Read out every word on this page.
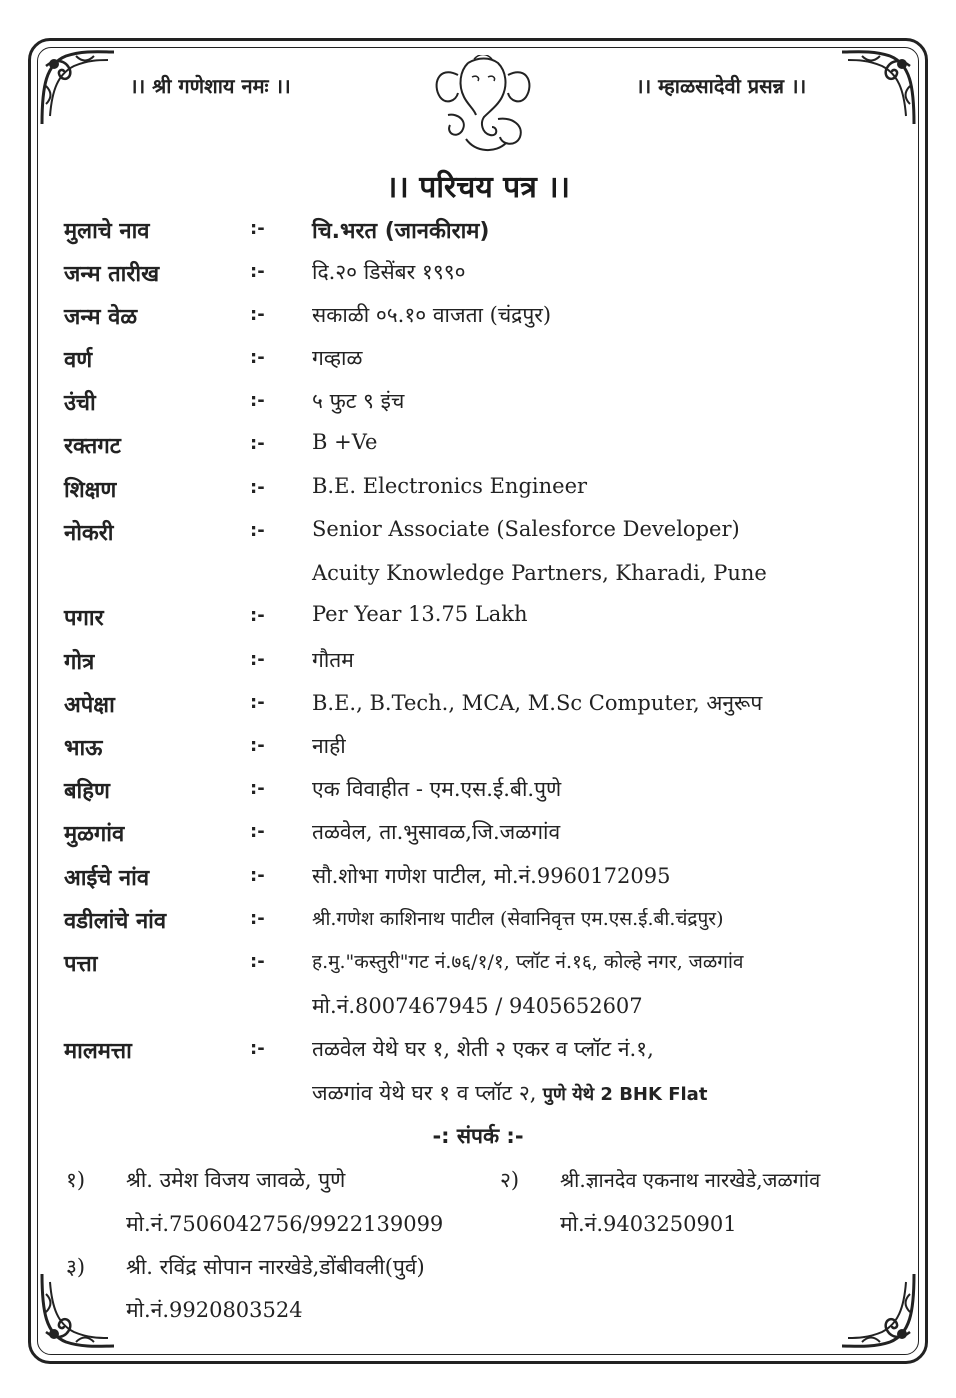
।। श्री गणेशाय नमः ।।	।। म्हाळसादेवी प्रसन्न ।।
।। परिचय पत्र ।।
मुलाचे नाव	:- चि.भरत (जानकीराम)
जन्म तारीख	:- दि.२० डिसेंबर १९९०
जन्म वेळ	:- सकाळी ०५.१० वाजता (चंद्रपुर)
वर्ण	:- गव्हाळ
उंची	:- ५ फुट ९ इंच
रक्तगट	:- B +Ve
शिक्षण	:- B.E. Electronics Engineer
नोकरी	:- Senior Associate (Salesforce Developer)
Acuity Knowledge Partners, Kharadi, Pune
पगार	:- Per Year 13.75 Lakh
गोत्र	:- गौतम
अपेक्षा	:- B.E., B.Tech., MCA, M.Sc Computer, अनुरूप
भाऊ	:- नाही
बहिण	:- एक विवाहीत - एम.एस.ई.बी.पुणे
मुळगांव	:- तळवेल, ता.भुसावळ,जि.जळगांव
आईचे नांव	:- सौ.शोभा गणेश पाटील, मो.नं.9960172095
वडीलांचे नांव	:- श्री.गणेश काशिनाथ पाटील (सेवानिवृत्त एम.एस.ई.बी.चंद्रपुर)
पत्ता	:- ह.मु."कस्तुरी"गट नं.७६/१/१, प्लॉट नं.१६, कोल्हे नगर, जळगांव
मो.नं.8007467945 / 9405652607
मालमत्ता	:- तळवेल येथे घर १, शेती २ एकर व प्लॉट नं.१,
जळगांव येथे घर १ व प्लॉट २, पुणे येथे 2 BHK Flat
-: संपर्क :-
१) श्री. उमेश विजय जावळे, पुणे
मो.नं.7506042756/9922139099
२) श्री.ज्ञानदेव एकनाथ नारखेडे,जळगांव
मो.नं.9403250901
३) श्री. रविंद्र सोपान नारखेडे,डोंबीवली(पुर्व)
मो.नं.9920803524
